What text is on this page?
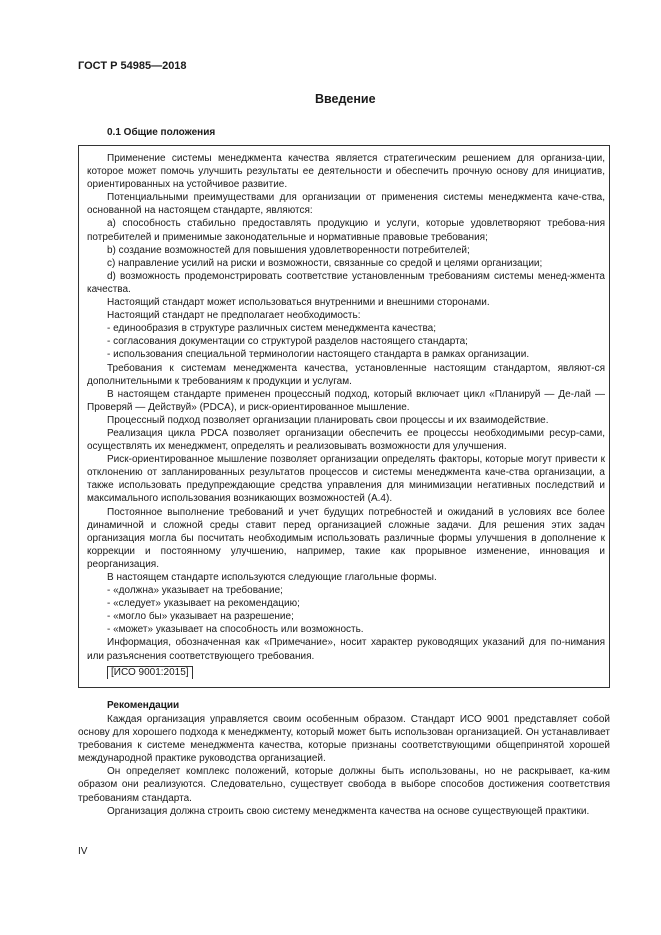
ГОСТ Р 54985—2018
Введение
0.1 Общие положения

Применение системы менеджмента качества является стратегическим решением для организа-ции, которое может помочь улучшить результаты ее деятельности и обеспечить прочную основу для инициатив, ориентированных на устойчивое развитие.

Потенциальными преимуществами для организации от применения системы менеджмента каче-ства, основанной на настоящем стандарте, являются:

a) способность стабильно предоставлять продукцию и услуги, которые удовлетворяют требова-ния потребителей и применимые законодательные и нормативные правовые требования;

b) создание возможностей для повышения удовлетворенности потребителей;

c) направление усилий на риски и возможности, связанные со средой и целями организации;

d) возможность продемонстрировать соответствие установленным требованиям системы менед-жмента качества.

Настоящий стандарт может использоваться внутренними и внешними сторонами.

Настоящий стандарт не предполагает необходимость:

- единообразия в структуре различных систем менеджмента качества;

- согласования документации со структурой разделов настоящего стандарта;

- использования специальной терминологии настоящего стандарта в рамках организации.

Требования к системам менеджмента качества, установленные настоящим стандартом, являют-ся дополнительными к требованиям к продукции и услугам.

В настоящем стандарте применен процессный подход, который включает цикл «Планируй — Де-лай — Проверяй — Действуй» (PDCA), и риск-ориентированное мышление.

Процессный подход позволяет организации планировать свои процессы и их взаимодействие.

Реализация цикла PDCA позволяет организации обеспечить ее процессы необходимыми ресур-сами, осуществлять их менеджмент, определять и реализовывать возможности для улучшения.

Риск-ориентированное мышление позволяет организации определять факторы, которые могут привести к отклонению от запланированных результатов процессов и системы менеджмента каче-ства организации, а также использовать предупреждающие средства управления для минимизации негативных последствий и максимального использования возникающих возможностей (А.4).

Постоянное выполнение требований и учет будущих потребностей и ожиданий в условиях все более динамичной и сложной среды ставит перед организацией сложные задачи. Для решения этих задач организация могла бы посчитать необходимым использовать различные формы улучшения в дополнение к коррекции и постоянному улучшению, например, такие как прорывное изменение, инновация и реорганизация.

В настоящем стандарте используются следующие глагольные формы.

- «должна» указывает на требование;

- «следует» указывает на рекомендацию;

- «могло бы» указывает на разрешение;

- «может» указывает на способность или возможность.

Информация, обозначенная как «Примечание», носит характер руководящих указаний для по-нимания или разъяснения соответствующего требования.

[ИСО 9001:2015]

Рекомендации

Каждая организация управляется своим особенным образом. Стандарт ИСО 9001 представляет собой основу для хорошего подхода к менеджменту, который может быть использован организацией. Он устанавливает требования к системе менеджмента качества, которые признаны соответствующими общепринятой хорошей международной практике руководства организацией.

Он определяет комплекс положений, которые должны быть использованы, но не раскрывает, ка-ким образом они реализуются. Следовательно, существует свобода в выборе способов достижения соответствия требованиям стандарта.

Организация должна строить свою систему менеджмента качества на основе существующей практики.

IV
